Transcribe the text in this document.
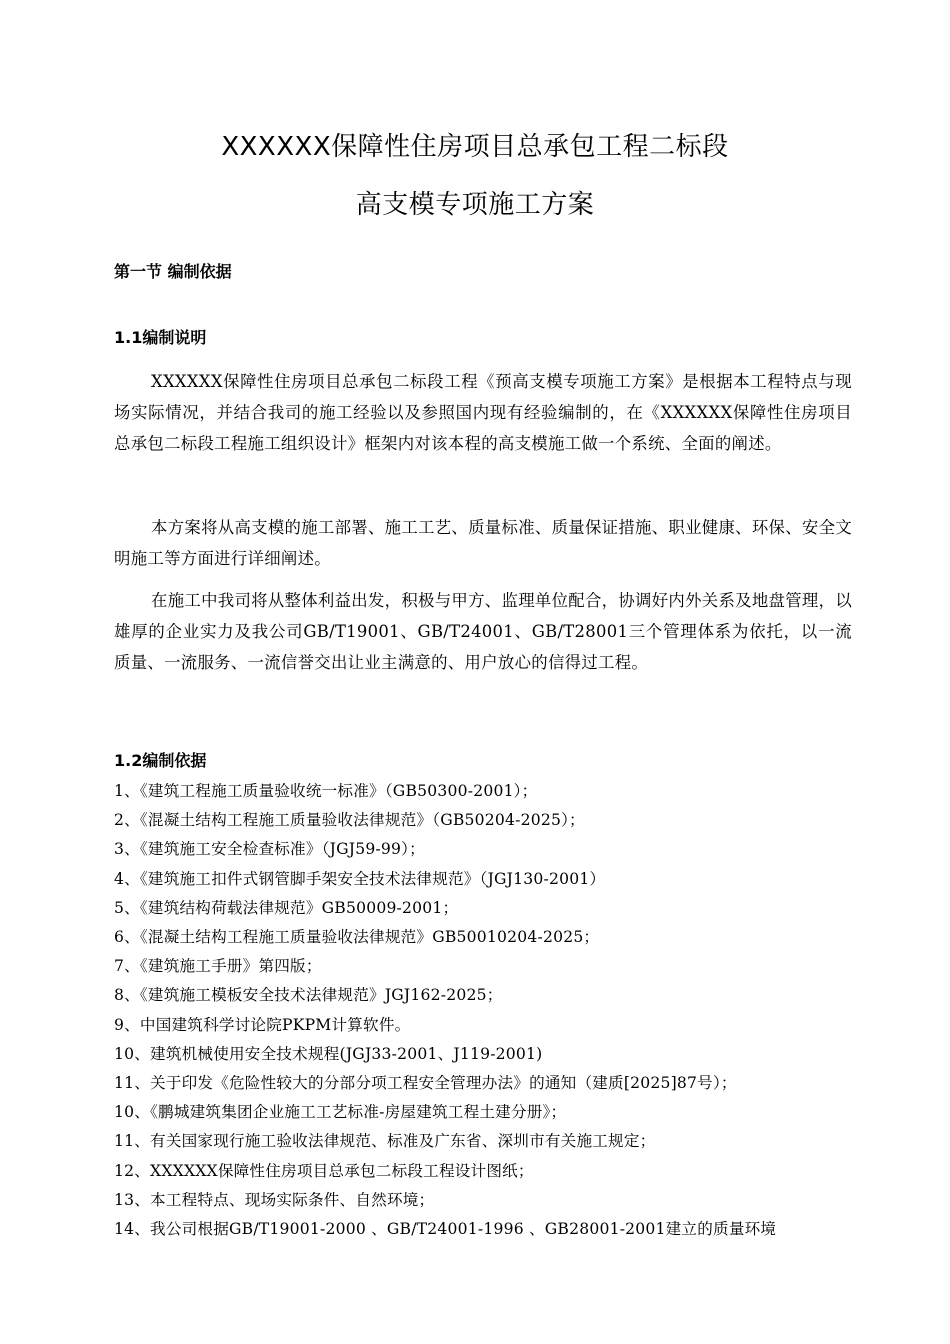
XXXXXX保障性住房项目总承包工程二标段
高支模专项施工方案
第一节 编制依据
1.1编制说明

XXXXXX保障性住房项目总承包二标段工程《预高支模专项施工方案》是根据本工程特点与现场实际情况，并结合我司的施工经验以及参照国内现有经验编制的，在《XXXXXX保障性住房项目总承包二标段工程施工组织设计》框架内对该本程的高支模施工做一个系统、全面的阐述。

本方案将从高支模的施工部署、施工工艺、质量标准、质量保证措施、职业健康、环保、安全文明施工等方面进行详细阐述。

在施工中我司将从整体利益出发，积极与甲方、监理单位配合，协调好内外关系及地盘管理，以雄厚的企业实力及我公司GB/T19001、GB/T24001、GB/T28001三个管理体系为依托，以一流质量、一流服务、一流信誉交出让业主满意的、用户放心的信得过工程。

1.2编制依据
1、《建筑工程施工质量验收统一标准》（GB50300-2001）；
2、《混凝土结构工程施工质量验收法律规范》（GB50204-2025）；
3、《建筑施工安全检查标准》（JGJ59-99）；
4、《建筑施工扣件式钢管脚手架安全技术法律规范》（JGJ130-2001）
5、《建筑结构荷载法律规范》GB50009-2001；
6、《混凝土结构工程施工质量验收法律规范》GB50010204-2025；
7、《建筑施工手册》第四版；
8、《建筑施工模板安全技术法律规范》JGJ162-2025；
9、中国建筑科学讨论院PKPM计算软件。
10、建筑机械使用安全技术规程(JGJ33-2001、J119-2001)
11、关于印发《危险性较大的分部分项工程安全管理办法》的通知（建质[2025]87号）；
10、《鹏城建筑集团企业施工工艺标准-房屋建筑工程土建分册》；
11、有关国家现行施工验收法律规范、标准及广东省、深圳市有关施工规定；
12、XXXXXX保障性住房项目总承包二标段工程设计图纸；
13、本工程特点、现场实际条件、自然环境；
14、我公司根据GB/T19001-2000 、GB/T24001-1996 、GB28001-2001建立的质量环境
